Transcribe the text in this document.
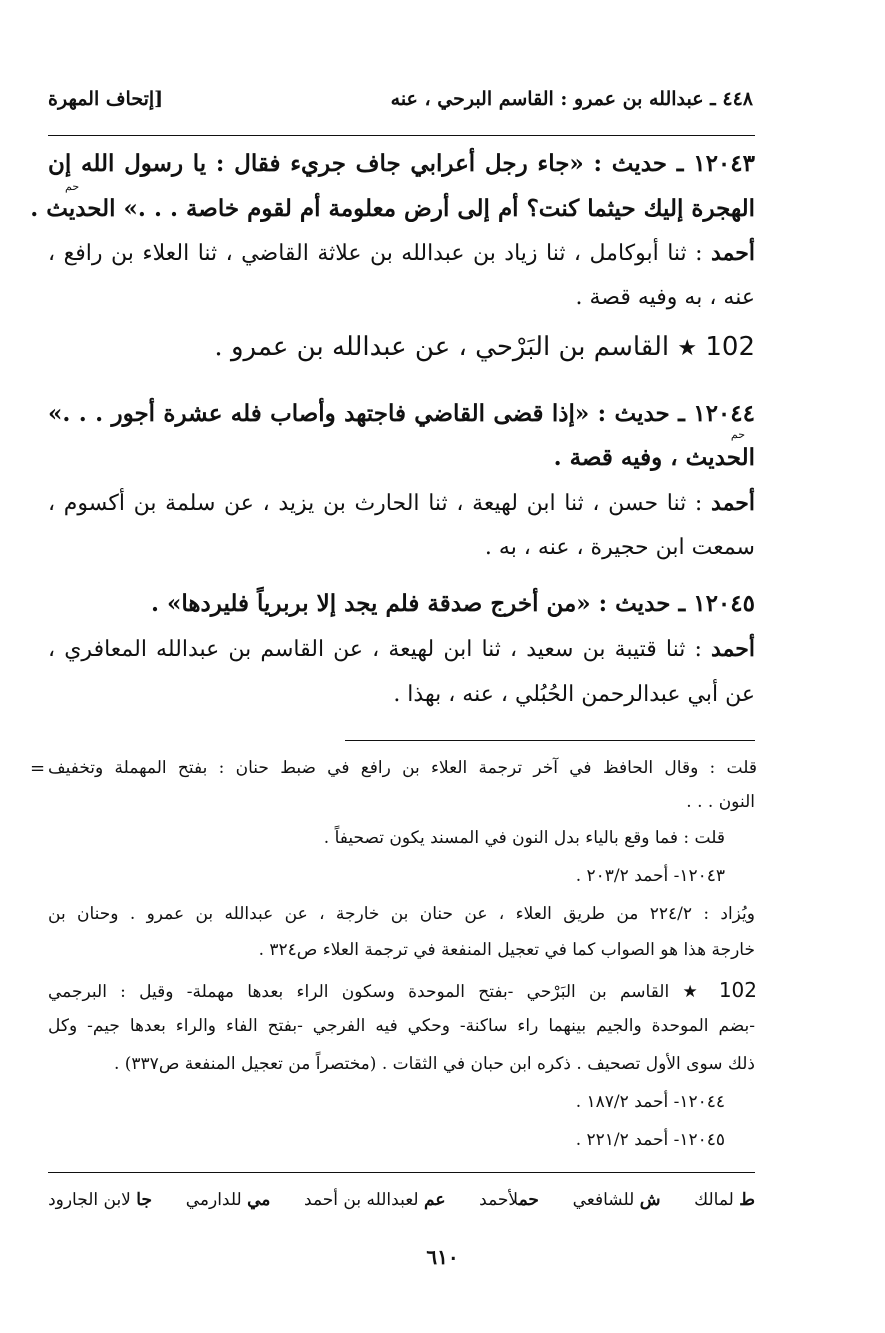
٤٤٨ ـ عبدالله بن عمرو : القاسم البرحي ، عنه
[إتحاف المهرة
١٢٠٤٣ ـ حديث : «جاء رجل أعرابي جاف جريء فقال : يا رسول الله إن
حم
الهجرة إليك حيثما كنت؟ أم إلى أرض معلومة أم لقوم خاصة . . .» الحديث .
أحمد : ثنا أبوكامل ، ثنا زياد بن عبدالله بن علاثة القاضي ، ثنا العلاء بن رافع ،
عنه ، به وفيه قصة .
102 ★ القاسم بن البَرْحي ، عن عبدالله بن عمرو .
١٢٠٤٤ ـ حديث : «إذا قضى القاضي فاجتهد وأصاب فله عشرة أجور . . .»
حم
الحديث ، وفيه قصة .
أحمد : ثنا حسن ، ثنا ابن لهيعة ، ثنا الحارث بن يزيد ، عن سلمة بن أكسوم ،
سمعت ابن حجيرة ، عنه ، به .
١٢٠٤٥ ـ حديث : «من أخرج صدقة فلم يجد إلا بربرياً فليردها» .
أحمد : ثنا قتيبة بن سعيد ، ثنا ابن لهيعة ، عن القاسم بن عبدالله المعافري ،
عن أبي عبدالرحمن الحُبُلي ، عنه ، بهذا .
= قلت : وقال الحافظ في آخر ترجمة العلاء بن رافع في ضبط حنان : بفتح المهملة وتخفيف
النون . . .
قلت : فما وقع بالياء بدل النون في المسند يكون تصحيفاً .
١٢٠٤٣- أحمد ٢٠٣/٢ .
ويُزاد : ٢٢٤/٢ من طريق العلاء ، عن حنان بن خارجة ، عن عبدالله بن عمرو . وحنان بن
خارجة هذا هو الصواب كما في تعجيل المنفعة في ترجمة العلاء ص٣٢٤ .
102 ★ القاسم بن البَرْحي -بفتح الموحدة وسكون الراء بعدها مهملة- وقيل : البرجمي
-بضم الموحدة والجيم بينهما راء ساكنة- وحكي فيه الفرجي -بفتح الفاء والراء بعدها جيم- وكل
ذلك سوى الأول تصحيف . ذكره ابن حبان في الثقات . (مختصراً من تعجيل المنفعة ص٣٣٧) .
١٢٠٤٤- أحمد ١٨٧/٢ .
١٢٠٤٥- أحمد ٢٢١/٢ .
ط لمالك
ش للشافعي
حملأحمد
عم لعبدالله بن أحمد
مي للدارمي
جا لابن الجارود
٦١٠
